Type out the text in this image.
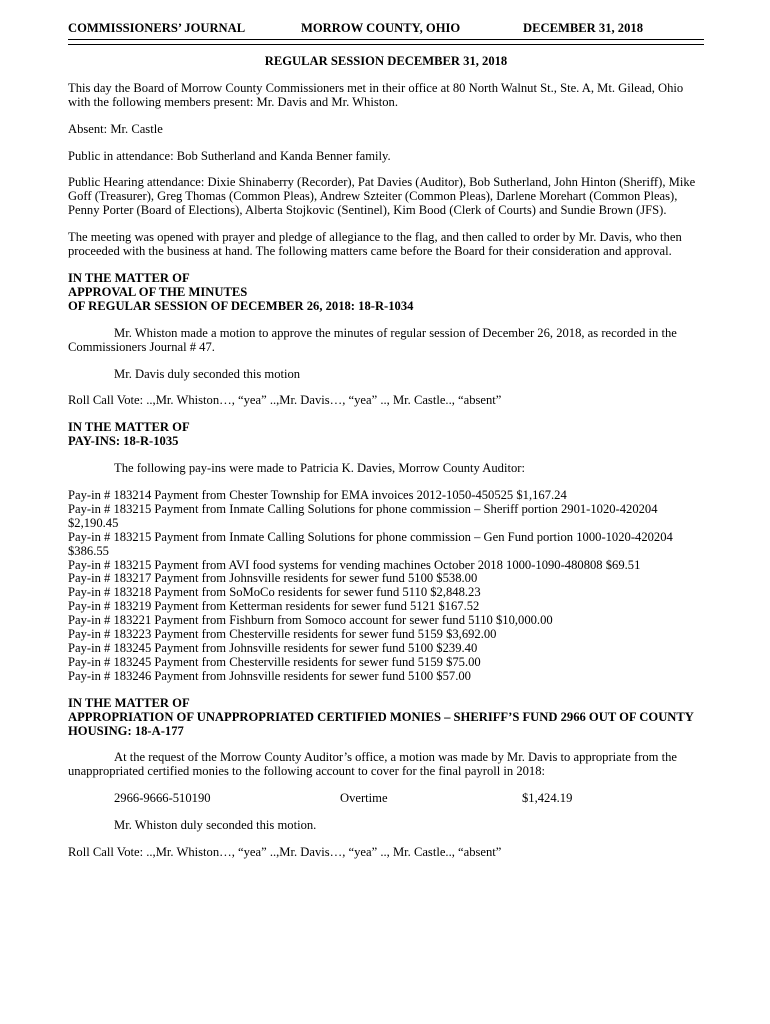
COMMISSIONERS’ JOURNAL	MORROW COUNTY, OHIO	DECEMBER 31, 2018

REGULAR SESSION DECEMBER 31, 2018

This day the Board of Morrow County Commissioners met in their office at 80 North Walnut St., Ste. A, Mt. Gilead, Ohio with the following members present: Mr. Davis and Mr. Whiston.

Absent: Mr. Castle

Public in attendance: Bob Sutherland and Kanda Benner family.

Public Hearing attendance: Dixie Shinaberry (Recorder), Pat Davies (Auditor), Bob Sutherland, John Hinton (Sheriff), Mike Goff (Treasurer), Greg Thomas (Common Pleas), Andrew Szteiter (Common Pleas), Darlene Morehart (Common Pleas), Penny Porter (Board of Elections), Alberta Stojkovic (Sentinel), Kim Bood (Clerk of Courts) and Sundie Brown (JFS).

The meeting was opened with prayer and pledge of allegiance to the flag, and then called to order by Mr. Davis, who then proceeded with the business at hand. The following matters came before the Board for their consideration and approval.

IN THE MATTER OF

APPROVAL OF THE MINUTES

OF REGULAR SESSION OF DECEMBER 26, 2018: 18-R-1034

Mr. Whiston made a motion to approve the minutes of regular session of December 26, 2018, as recorded in the Commissioners Journal # 47.

Mr. Davis duly seconded this motion

Roll Call Vote: ..,Mr. Whiston…, “yea” ..,Mr. Davis…, “yea” .., Mr. Castle.., “absent”

IN THE MATTER OF

PAY-INS: 18-R-1035

The following pay-ins were made to Patricia K. Davies, Morrow County Auditor:

Pay-in # 183214 Payment from Chester Township for EMA invoices 2012-1050-450525 $1,167.24

Pay-in # 183215 Payment from Inmate Calling Solutions for phone commission – Sheriff portion 2901-1020-420204 $2,190.45

Pay-in # 183215 Payment from Inmate Calling Solutions for phone commission – Gen Fund portion 1000-1020-420204 $386.55

Pay-in # 183215 Payment from AVI food systems for vending machines October 2018 1000-1090-480808 $69.51

Pay-in # 183217 Payment from Johnsville residents for sewer fund 5100 $538.00

Pay-in # 183218 Payment from SoMoCo residents for sewer fund 5110 $2,848.23

Pay-in # 183219 Payment from Ketterman residents for sewer fund 5121 $167.52

Pay-in # 183221 Payment from Fishburn from Somoco account for sewer fund 5110 $10,000.00

Pay-in # 183223 Payment from Chesterville residents for sewer fund 5159 $3,692.00

Pay-in # 183245 Payment from Johnsville residents for sewer fund 5100 $239.40

Pay-in # 183245 Payment from Chesterville residents for sewer fund 5159 $75.00

Pay-in # 183246 Payment from Johnsville residents for sewer fund 5100 $57.00

IN THE MATTER OF

APPROPRIATION OF UNAPPROPRIATED CERTIFIED MONIES – SHERIFF’S FUND 2966 OUT OF COUNTY HOUSING: 18-A-177

At the request of the Morrow County Auditor’s office, a motion was made by Mr. Davis to appropriate from the unappropriated certified monies to the following account to cover for the final payroll in 2018:

2966-9666-510190	Overtime	$1,424.19

Mr. Whiston duly seconded this motion.

Roll Call Vote: ..,Mr. Whiston…, “yea” ..,Mr. Davis…, “yea” .., Mr. Castle.., “absent”
